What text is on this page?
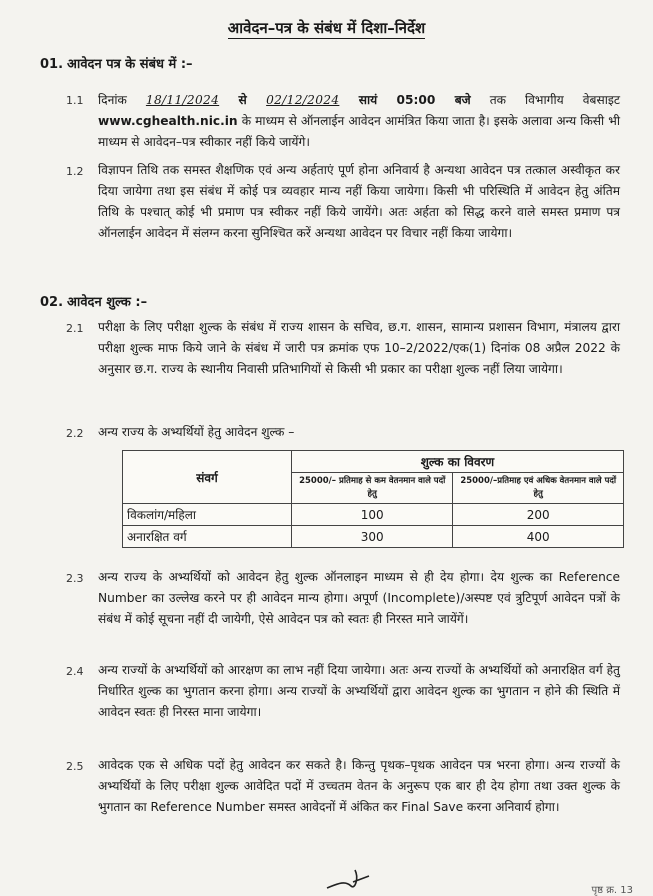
आवेदन–पत्र के संबंध में दिशा–निर्देश
01. आवेदन पत्र के संबंध में :–
1.1 दिनांक 18/11/2024 से 02/12/2024 सायं 05:00 बजे तक विभागीय वेबसाइट www.cghealth.nic.in के माध्यम से ऑनलाईन आवेदन आमंत्रित किया जाता है। इसके अलावा अन्य किसी भी माध्यम से आवेदन–पत्र स्वीकार नहीं किये जायेंगे।
1.2 विज्ञापन तिथि तक समस्त शैक्षणिक एवं अन्य अर्हताएं पूर्ण होना अनिवार्य है अन्यथा आवेदन पत्र तत्काल अस्वीकृत कर दिया जायेगा तथा इस संबंध में कोई पत्र व्यवहार मान्य नहीं किया जायेगा। किसी भी परिस्थिति में आवेदन हेतु अंतिम तिथि के पश्चात् कोई भी प्रमाण पत्र स्वीकर नहीं किये जायेंगे। अतः अर्हता को सिद्ध करने वाले समस्त प्रमाण पत्र ऑनलाईन आवेदन में संलग्न करना सुनिश्चित करें अन्यथा आवेदन पर विचार नहीं किया जायेगा।
02. आवेदन शुल्क :–
2.1 परीक्षा के लिए परीक्षा शुल्क के संबंध में राज्य शासन के सचिव, छ.ग. शासन, सामान्य प्रशासन विभाग, मंत्रालय द्वारा परीक्षा शुल्क माफ किये जाने के संबंध में जारी पत्र क्रमांक एफ 10–2/2022/एक(1) दिनांक 08 अप्रैल 2022 के अनुसार छ.ग. राज्य के स्थानीय निवासी प्रतिभागियों से किसी भी प्रकार का परीक्षा शुल्क नहीं लिया जायेगा।
2.2 अन्य राज्य के अभ्यर्थियों हेतु आवेदन शुल्क –
संवर्ग	शुल्क का विवरण	
	25000/– प्रतिमाह से कम वेतनमान वाले पदों हेतु	25000/–प्रतिमाह एवं अधिक वेतनमान वाले पदों हेतु
विकलांग/महिला	100	200
अनारक्षित वर्ग	300	400
2.3 अन्य राज्य के अभ्यर्थियों को आवेदन हेतु शुल्क ऑनलाइन माध्यम से ही देय होगा। देय शुल्क का Reference Number का उल्लेख करने पर ही आवेदन मान्य होगा। अपूर्ण (Incomplete)/अस्पष्ट एवं त्रुटिपूर्ण आवेदन पत्रों के संबंध में कोई सूचना नहीं दी जायेगी, ऐसे आवेदन पत्र को स्वतः ही निरस्त माने जायेंगें।
2.4 अन्य राज्यों के अभ्यर्थियों को आरक्षण का लाभ नहीं दिया जायेगा। अतः अन्य राज्यों के अभ्यर्थियों को अनारक्षित वर्ग हेतु निर्धारित शुल्क का भुगतान करना होगा। अन्य राज्यों के अभ्यर्थियों द्वारा आवेदन शुल्क का भुगतान न होने की स्थिति में आवेदन स्वतः ही निरस्त माना जायेगा।
2.5 आवेदक एक से अधिक पदों हेतु आवेदन कर सकते है। किन्तु पृथक–पृथक आवेदन पत्र भरना होगा। अन्य राज्यों के अभ्यर्थियों के लिए परीक्षा शुल्क आवेदित पदों में उच्चतम वेतन के अनुरूप एक बार ही देय होगा तथा उक्त शुल्क के भुगतान का Reference Number समस्त आवेदनों में अंकित कर Final Save करना अनिवार्य होगा।
पृष्ठ क्र. 13
